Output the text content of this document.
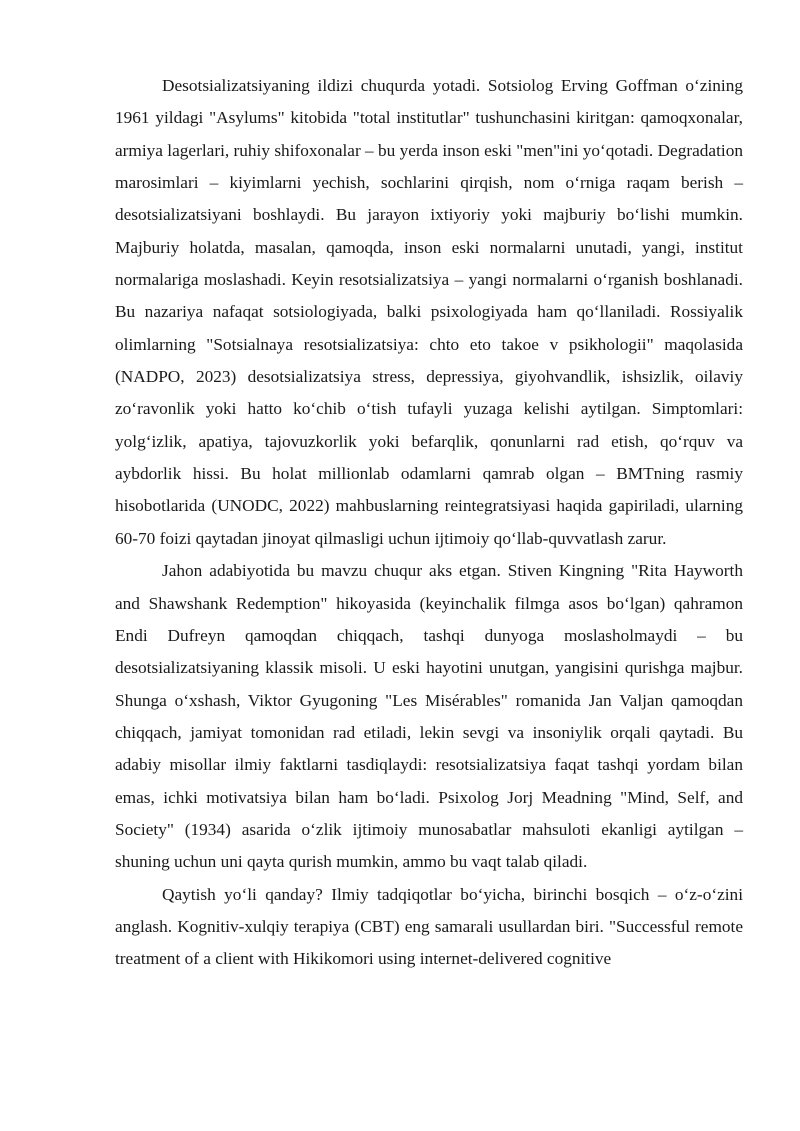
Desotsializatsiyaning ildizi chuqurda yotadi. Sotsiolog Erving Goffman oʻzining 1961 yildagi "Asylums" kitobida "total institutlar" tushunchasini kiritgan: qamoqxonalar, armiya lagerlari, ruhiy shifoxonalar – bu yerda inson eski "men"ini yoʻqotadi. Degradation marosimlari – kiyimlarni yechish, sochlarini qirqish, nom oʻrniga raqam berish – desotsializatsiyani boshlaydi. Bu jarayon ixtiyoriy yoki majburiy boʻlishi mumkin. Majburiy holatda, masalan, qamoqda, inson eski normalarni unutadi, yangi, institut normalariga moslashadi. Keyin resotsializatsiya – yangi normalarni oʻrganish boshlanadi. Bu nazariya nafaqat sotsiologiyada, balki psixologiyada ham qoʻllaniladi. Rossiyalik olimlarning "Sotsialnaya resotsializatsiya: chto eto takoe v psikhologii" maqolasida (NADPO, 2023) desotsializatsiya stress, depressiya, giyohvandlik, ishsizlik, oilaviy zoʻravonlik yoki hatto koʻchib oʻtish tufayli yuzaga kelishi aytilgan. Simptomlari: yolgʻizlik, apatiya, tajovuzkorlik yoki befarqlik, qonunlarni rad etish, qoʻrquv va aybdorlik hissi. Bu holat millionlab odamlarni qamrab olgan – BMTning rasmiy hisobotlarida (UNODC, 2022) mahbuslarning reintegratsiyasi haqida gapiriladi, ularning 60-70 foizi qaytadan jinoyat qilmasligi uchun ijtimoiy qoʻllab-quvvatlash zarur.

Jahon adabiyotida bu mavzu chuqur aks etgan. Stiven Kingning "Rita Hayworth and Shawshank Redemption" hikoyasida (keyinchalik filmga asos boʻlgan) qahramon Endi Dufreyn qamoqdan chiqqach, tashqi dunyoga moslasholmaydi – bu desotsializatsiyaning klassik misoli. U eski hayotini unutgan, yangisini qurishga majbur. Shunga oʻxshash, Viktor Gyugoning "Les Misérables" romanida Jan Valjan qamoqdan chiqqach, jamiyat tomonidan rad etiladi, lekin sevgi va insoniylik orqali qaytadi. Bu adabiy misollar ilmiy faktlarni tasdiqlaydi: resotsializatsiya faqat tashqi yordam bilan emas, ichki motivatsiya bilan ham boʻladi. Psixolog Jorj Meadning "Mind, Self, and Society" (1934) asarida oʻzlik ijtimoiy munosabatlar mahsuloti ekanligi aytilgan – shuning uchun uni qayta qurish mumkin, ammo bu vaqt talab qiladi.

Qaytish yoʻli qanday? Ilmiy tadqiqotlar boʻyicha, birinchi bosqich – oʻz-oʻzini anglash. Kognitiv-xulqiy terapiya (CBT) eng samarali usullardan biri. "Successful remote treatment of a client with Hikikomori using internet-delivered cognitive
